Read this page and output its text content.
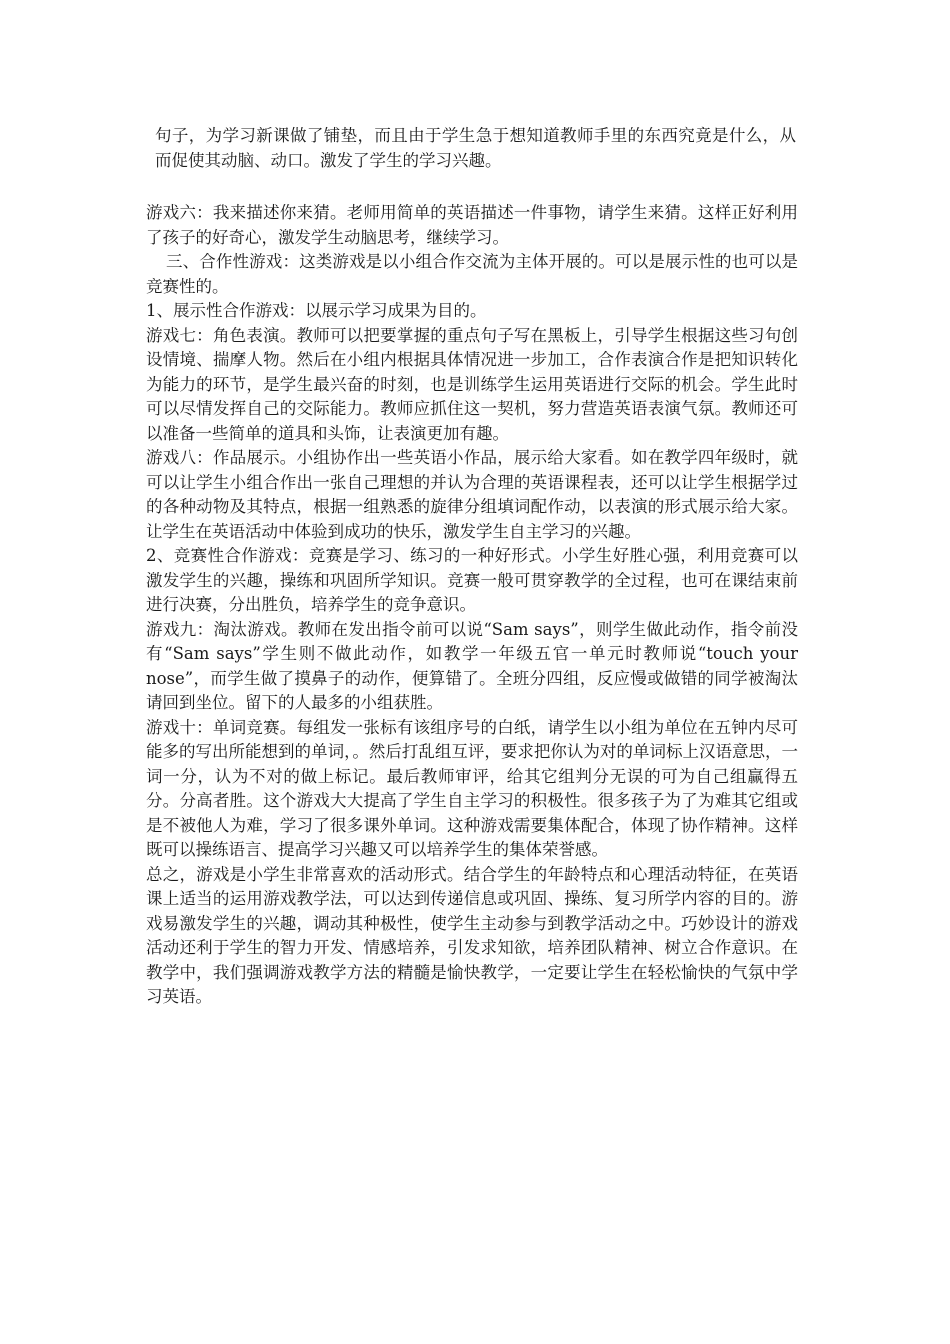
句子，为学习新课做了铺垫，而且由于学生急于想知道教师手里的东西究竟是什么，从而促使其动脑、动口。激发了学生的学习兴趣。

游戏六：我来描述你来猜。老师用简单的英语描述一件事物，请学生来猜。这样正好利用了孩子的好奇心，激发学生动脑思考，继续学习。

三、合作性游戏：这类游戏是以小组合作交流为主体开展的。可以是展示性的也可以是竞赛性的。

1、展示性合作游戏：以展示学习成果为目的。

游戏七：角色表演。教师可以把要掌握的重点句子写在黑板上，引导学生根据这些习句创设情境、揣摩人物。然后在小组内根据具体情况进一步加工，合作表演合作是把知识转化为能力的环节，是学生最兴奋的时刻，也是训练学生运用英语进行交际的机会。学生此时可以尽情发挥自己的交际能力。教师应抓住这一契机，努力营造英语表演气氛。教师还可以准备一些简单的道具和头饰，让表演更加有趣。

游戏八：作品展示。小组协作出一些英语小作品，展示给大家看。如在教学四年级时，就可以让学生小组合作出一张自己理想的并认为合理的英语课程表，还可以让学生根据学过的各种动物及其特点，根据一组熟悉的旋律分组填词配作动，以表演的形式展示给大家。让学生在英语活动中体验到成功的快乐，激发学生自主学习的兴趣。

2、竞赛性合作游戏：竞赛是学习、练习的一种好形式。小学生好胜心强，利用竞赛可以激发学生的兴趣，操练和巩固所学知识。竞赛一般可贯穿教学的全过程，也可在课结束前进行决赛，分出胜负，培养学生的竞争意识。

游戏九：淘汰游戏。教师在发出指令前可以说“Sam says”，则学生做此动作，指令前没有“Sam says”学生则不做此动作，如教学一年级五官一单元时教师说“touch your nose”，而学生做了摸鼻子的动作，便算错了。全班分四组，反应慢或做错的同学被淘汰请回到坐位。留下的人最多的小组获胜。

游戏十：单词竞赛。每组发一张标有该组序号的白纸，请学生以小组为单位在五钟内尽可能多的写出所能想到的单词，。然后打乱组互评，要求把你认为对的单词标上汉语意思，一词一分，认为不对的做上标记。最后教师审评，给其它组判分无误的可为自己组赢得五分。分高者胜。这个游戏大大提高了学生自主学习的积极性。很多孩子为了为难其它组或是不被他人为难，学习了很多课外单词。这种游戏需要集体配合，体现了协作精神。这样既可以操练语言、提高学习兴趣又可以培养学生的集体荣誉感。

总之，游戏是小学生非常喜欢的活动形式。结合学生的年龄特点和心理活动特征，在英语课上适当的运用游戏教学法，可以达到传递信息或巩固、操练、复习所学内容的目的。游戏易激发学生的兴趣，调动其种极性，使学生主动参与到教学活动之中。巧妙设计的游戏活动还利于学生的智力开发、情感培养，引发求知欲，培养团队精神、树立合作意识。在教学中，我们强调游戏教学方法的精髓是愉快教学，一定要让学生在轻松愉快的气氛中学习英语。
